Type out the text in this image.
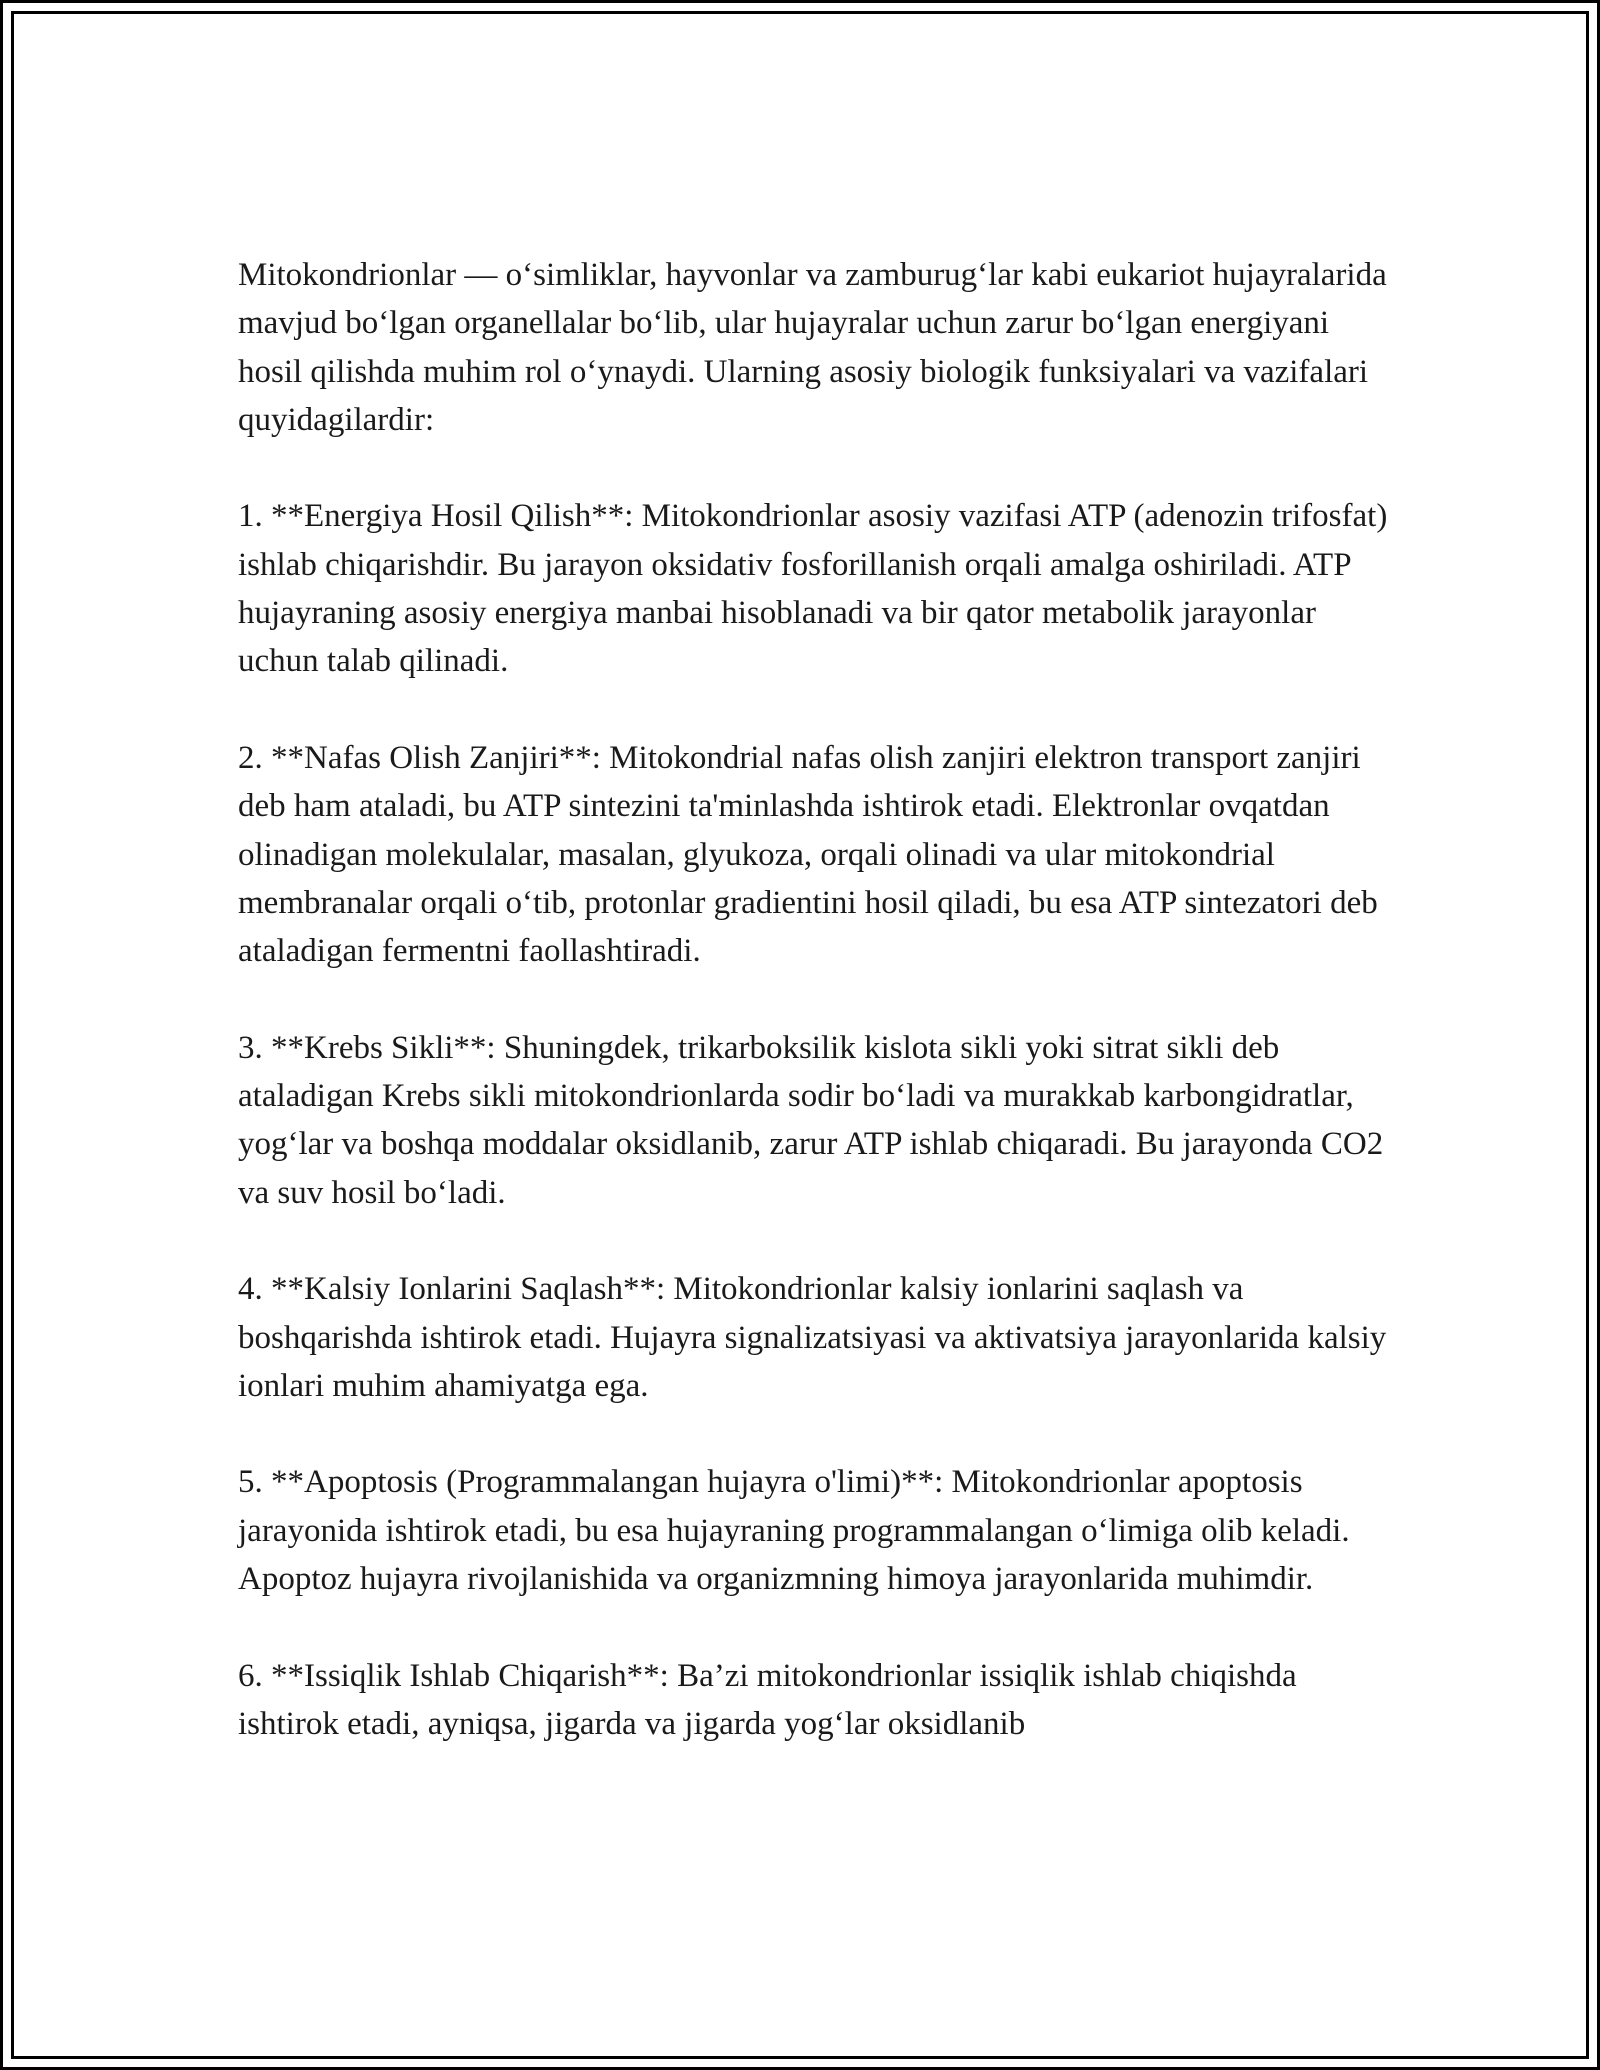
Mitokondrionlar — o‘simliklar, hayvonlar va zamburug‘lar kabi eukariot hujayralarida mavjud bo‘lgan organellalar bo‘lib, ular hujayralar uchun zarur bo‘lgan energiyani hosil qilishda muhim rol o‘ynaydi. Ularning asosiy biologik funksiyalari va vazifalari quyidagilardir:

1. **Energiya Hosil Qilish**: Mitokondrionlar asosiy vazifasi ATP (adenozin trifosfat) ishlab chiqarishdir. Bu jarayon oksidativ fosforillanish orqali amalga oshiriladi. ATP hujayraning asosiy energiya manbai hisoblanadi va bir qator metabolik jarayonlar uchun talab qilinadi.

2. **Nafas Olish Zanjiri**: Mitokondrial nafas olish zanjiri elektron transport zanjiri deb ham ataladi, bu ATP sintezini ta'minlashda ishtirok etadi. Elektronlar ovqatdan olinadigan molekulalar, masalan, glyukoza, orqali olinadi va ular mitokondrial membranalar orqali o‘tib, protonlar gradientini hosil qiladi, bu esa ATP sintezatori deb ataladigan fermentni faollashtiradi.

3. **Krebs Sikli**: Shuningdek, trikarboksilik kislota sikli yoki sitrat sikli deb ataladigan Krebs sikli mitokondrionlarda sodir bo‘ladi va murakkab karbongidratlar, yog‘lar va boshqa moddalar oksidlanib, zarur ATP ishlab chiqaradi. Bu jarayonda CO2 va suv hosil bo‘ladi.

4. **Kalsiy Ionlarini Saqlash**: Mitokondrionlar kalsiy ionlarini saqlash va boshqarishda ishtirok etadi. Hujayra signalizatsiyasi va aktivatsiya jarayonlarida kalsiy ionlari muhim ahamiyatga ega.

5. **Apoptosis (Programmalangan hujayra o'limi)**: Mitokondrionlar apoptosis jarayonida ishtirok etadi, bu esa hujayraning programmalangan o‘limiga olib keladi. Apoptoz hujayra rivojlanishida va organizmning himoya jarayonlarida muhimdir.

6. **Issiqlik Ishlab Chiqarish**: Ba’zi mitokondrionlar issiqlik ishlab chiqishda ishtirok etadi, ayniqsa, jigarda va jigarda yog‘lar oksidlanib
